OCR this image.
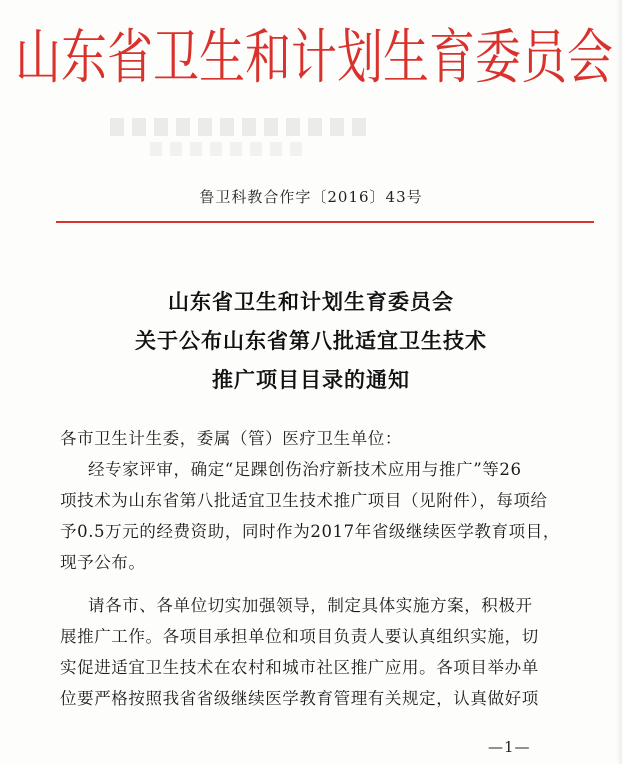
山东省卫生和计划生育委员会
鲁卫科教合作字〔2016〕43号
山东省卫生和计划生育委员会
关于公布山东省第八批适宜卫生技术
推广项目目录的通知
各市卫生计生委，委属（管）医疗卫生单位：
经专家评审，确定“足踝创伤治疗新技术应用与推广”等26
项技术为山东省第八批适宜卫生技术推广项目（见附件），每项给
予0.5万元的经费资助，同时作为2017年省级继续医学教育项目，
现予公布。
请各市、各单位切实加强领导，制定具体实施方案，积极开
展推广工作。各项目承担单位和项目负责人要认真组织实施，切
实促进适宜卫生技术在农村和城市社区推广应用。各项目举办单
位要严格按照我省省级继续医学教育管理有关规定，认真做好项
—1—
